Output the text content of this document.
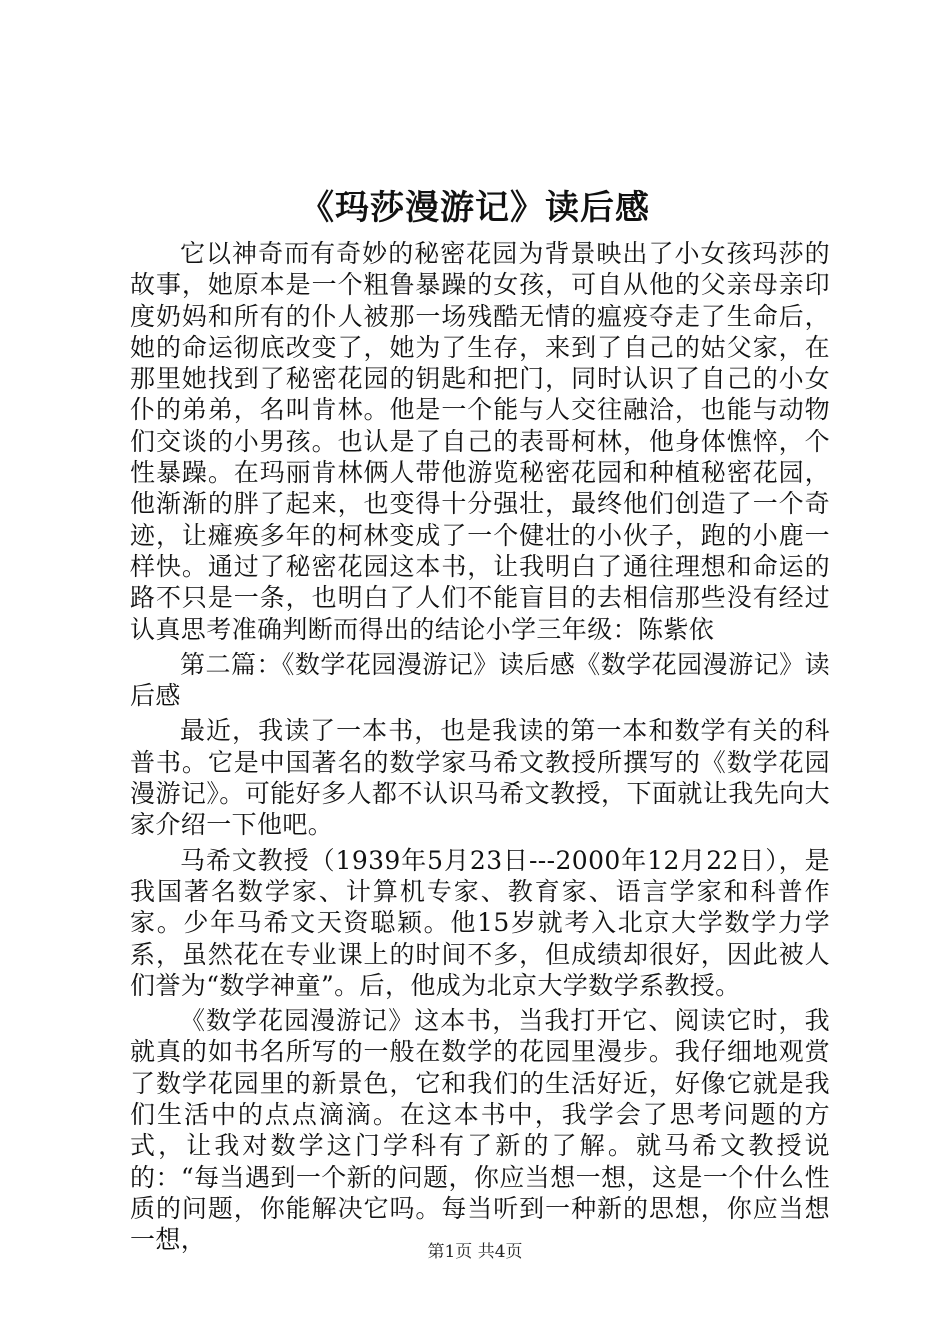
《玛莎漫游记》读后感

它以神奇而有奇妙的秘密花园为背景映出了小女孩玛莎的故事，她原本是一个粗鲁暴躁的女孩，可自从他的父亲母亲印度奶妈和所有的仆人被那一场残酷无情的瘟疫夺走了生命后，她的命运彻底改变了，她为了生存，来到了自己的姑父家，在那里她找到了秘密花园的钥匙和把门，同时认识了自己的小女仆的弟弟，名叫肯林。他是一个能与人交往融洽，也能与动物们交谈的小男孩。也认是了自己的表哥柯林，他身体憔悴，个性暴躁。在玛丽肯林俩人带他游览秘密花园和种植秘密花园，他渐渐的胖了起来，也变得十分强壮，最终他们创造了一个奇迹，让瘫痪多年的柯林变成了一个健壮的小伙子，跑的小鹿一样快。通过了秘密花园这本书，让我明白了通往理想和命运的路不只是一条，也明白了人们不能盲目的去相信那些没有经过认真思考准确判断而得出的结论小学三年级：陈紫依

第二篇：《数学花园漫游记》读后感《数学花园漫游记》读后感

最近，我读了一本书，也是我读的第一本和数学有关的科普书。它是中国著名的数学家马希文教授所撰写的《数学花园漫游记》。可能好多人都不认识马希文教授，下面就让我先向大家介绍一下他吧。

马希文教授（1939年5月23日---2000年12月22日），是我国著名数学家、计算机专家、教育家、语言学家和科普作家。少年马希文天资聪颖。他15岁就考入北京大学数学力学系，虽然花在专业课上的时间不多，但成绩却很好，因此被人们誉为“数学神童”。后，他成为北京大学数学系教授。

《数学花园漫游记》这本书，当我打开它、阅读它时，我就真的如书名所写的一般在数学的花园里漫步。我仔细地观赏了数学花园里的新景色，它和我们的生活好近，好像它就是我们生活中的点点滴滴。在这本书中，我学会了思考问题的方式，让我对数学这门学科有了新的了解。就马希文教授说的：“每当遇到一个新的问题，你应当想一想，这是一个什么性质的问题，你能解决它吗。每当听到一种新的思想，你应当想一想，	第1页 共4页
